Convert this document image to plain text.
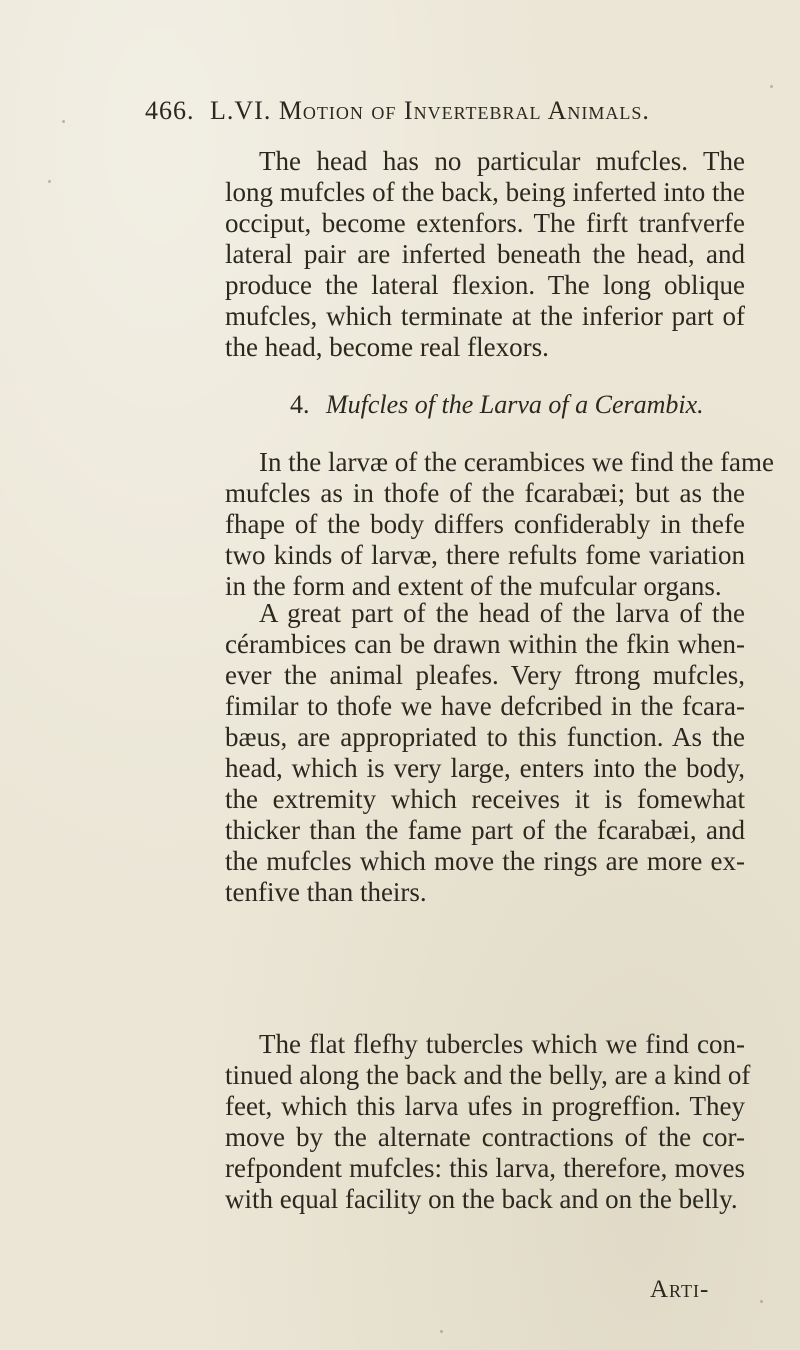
466. L.VI. Motion of Invertebral Animals.
The head has no particular mufcles. The
long mufcles of the back, being inferted into the
occiput, become extenfors. The firft tranfverfe
lateral pair are inferted beneath the head, and
produce the lateral flexion. The long oblique
mufcles, which terminate at the inferior part of
the head, become real flexors.
4. Mufcles of the Larva of a Cerambix.
In the larvæ of the cerambices we find the fame
mufcles as in thofe of the fcarabæi; but as the
fhape of the body differs confiderably in thefe
two kinds of larvæ, there refults fome variation
in the form and extent of the mufcular organs.
A great part of the head of the larva of the
cérambices can be drawn within the fkin when-
ever the animal pleafes. Very ftrong mufcles,
fimilar to thofe we have defcribed in the fcara-
bæus, are appropriated to this function. As the
head, which is very large, enters into the body,
the extremity which receives it is fomewhat
thicker than the fame part of the fcarabæi, and
the mufcles which move the rings are more ex-
tenfive than theirs.
The flat flefhy tubercles which we find con-
tinued along the back and the belly, are a kind of
feet, which this larva ufes in progreffion. They
move by the alternate contractions of the cor-
refpondent mufcles: this larva, therefore, moves
with equal facility on the back and on the belly.
Arti-
